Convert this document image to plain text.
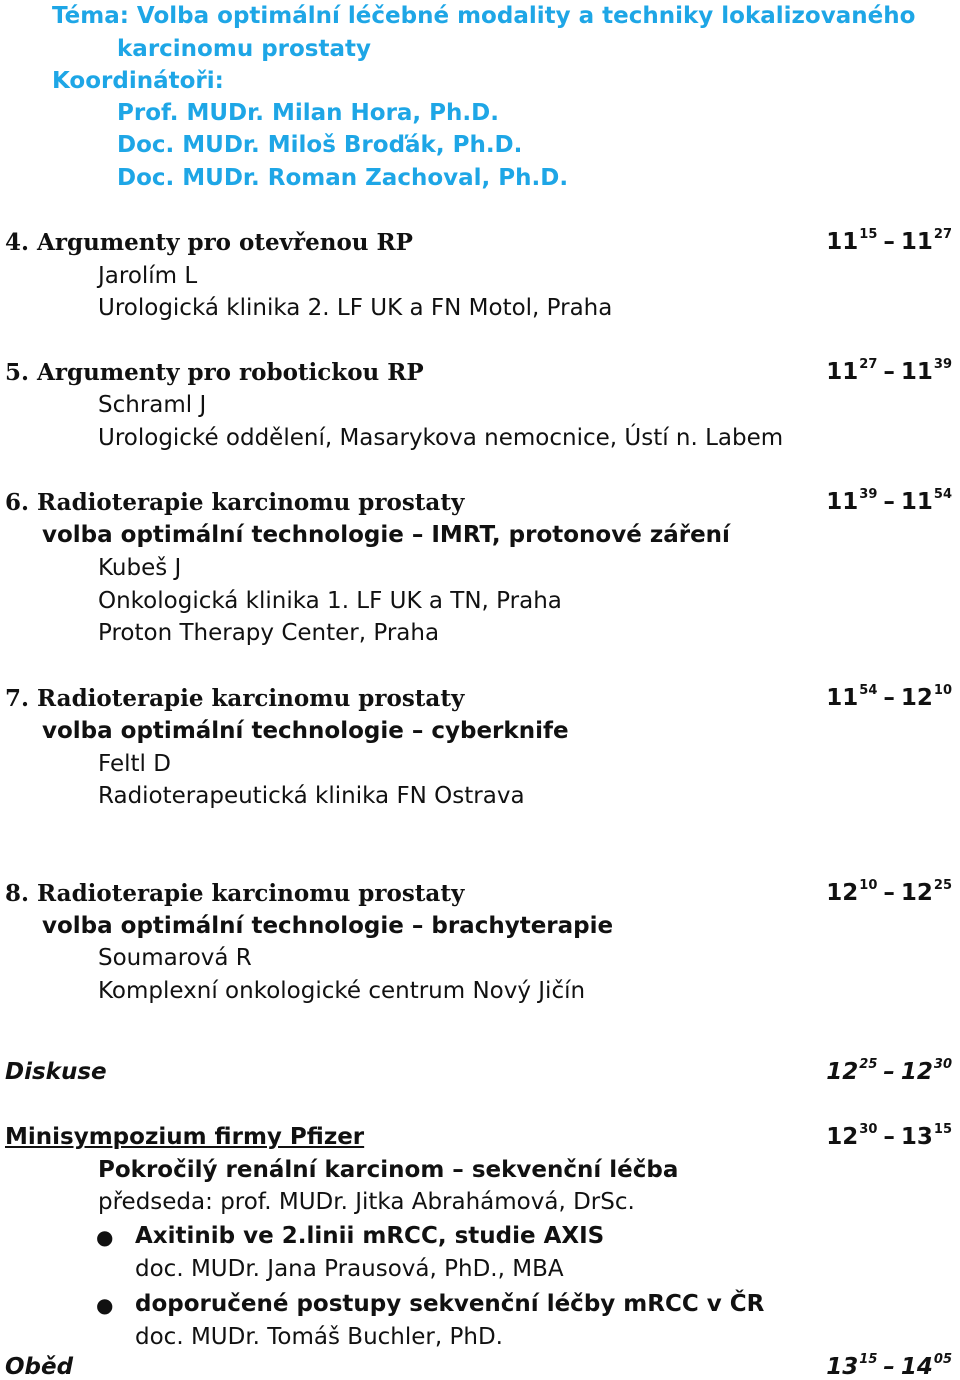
Téma: Volba optimální léčebné modality a techniky lokalizovaného
karcinomu prostaty
Koordinátoři:
Prof. MUDr. Milan Hora, Ph.D.
Doc. MUDr. Miloš Broďák, Ph.D.
Doc. MUDr. Roman Zachoval, Ph.D.
4. Argumenty pro otevřenou RP	$11^{15} - 11^{27}$
Jarolím L
Urologická klinika 2. LF UK a FN Motol, Praha
5. Argumenty pro robotickou RP	$11^{27} - 11^{39}$
Schraml J
Urologické oddělení, Masarykova nemocnice, Ústí n. Labem
6. Radioterapie karcinomu prostaty	$11^{39} - 11^{54}$
volba optimální technologie – IMRT, protonové záření
Kubeš J
Onkologická klinika 1. LF UK a TN, Praha
Proton Therapy Center, Praha
7. Radioterapie karcinomu prostaty	$11^{54} - 12^{10}$
volba optimální technologie – cyberknife
Feltl D
Radioterapeutická klinika FN Ostrava
8. Radioterapie karcinomu prostaty	$12^{10} - 12^{25}$
volba optimální technologie – brachyterapie
Soumarová R
Komplexní onkologické centrum Nový Jičín
Diskuse	$12^{25} - 12^{30}$
Minisympozium firmy Pfizer	$12^{30} - 13^{15}$
Pokročilý renální karcinom – sekvenční léčba
předseda: prof. MUDr. Jitka Abrahámová, DrSc.
● Axitinib ve 2.linii mRCC, studie AXIS
doc. MUDr. Jana Prausová, PhD., MBA
● doporučené postupy sekvenční léčby mRCC v ČR
doc. MUDr. Tomáš Buchler, PhD.
Oběd	$13^{15} - 14^{05}$
